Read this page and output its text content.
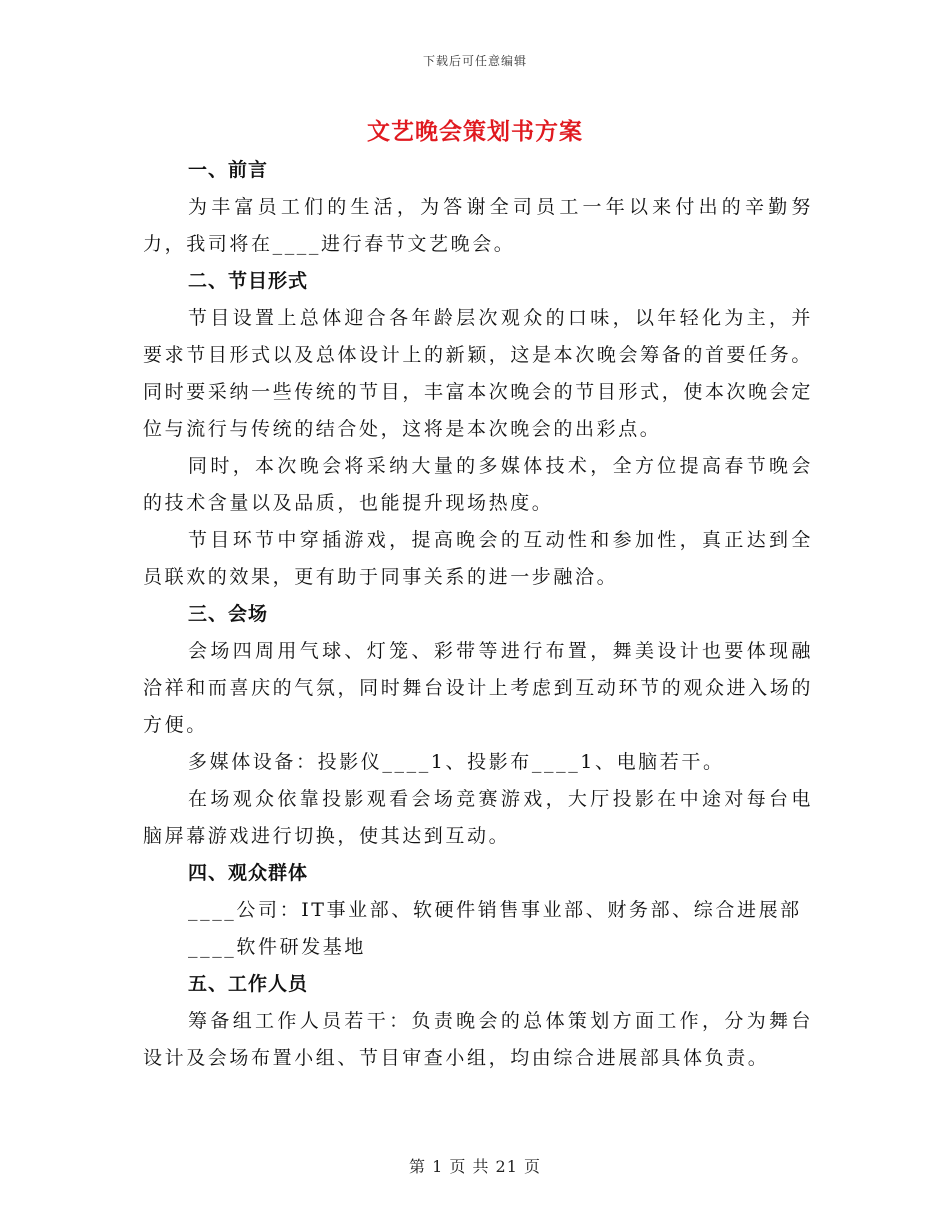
下载后可任意编辑
文艺晚会策划书方案
一、前言

为丰富员工们的生活，为答谢全司员工一年以来付出的辛勤努力，我司将在____进行春节文艺晚会。

二、节目形式

节目设置上总体迎合各年龄层次观众的口味，以年轻化为主，并要求节目形式以及总体设计上的新颖，这是本次晚会筹备的首要任务。同时要采纳一些传统的节目，丰富本次晚会的节目形式，使本次晚会定位与流行与传统的结合处，这将是本次晚会的出彩点。

同时，本次晚会将采纳大量的多媒体技术，全方位提高春节晚会的技术含量以及品质，也能提升现场热度。

节目环节中穿插游戏，提高晚会的互动性和参加性，真正达到全员联欢的效果，更有助于同事关系的进一步融洽。

三、会场

会场四周用气球、灯笼、彩带等进行布置，舞美设计也要体现融洽祥和而喜庆的气氛，同时舞台设计上考虑到互动环节的观众进入场的方便。

多媒体设备：投影仪____1、投影布____1、电脑若干。

在场观众依靠投影观看会场竞赛游戏，大厅投影在中途对每台电脑屏幕游戏进行切换，使其达到互动。

四、观众群体

____公司：IT事业部、软硬件销售事业部、财务部、综合进展部

____软件研发基地

五、工作人员

筹备组工作人员若干：负责晚会的总体策划方面工作，分为舞台设计及会场布置小组、节目审查小组，均由综合进展部具体负责。

第 1 页 共 21 页
